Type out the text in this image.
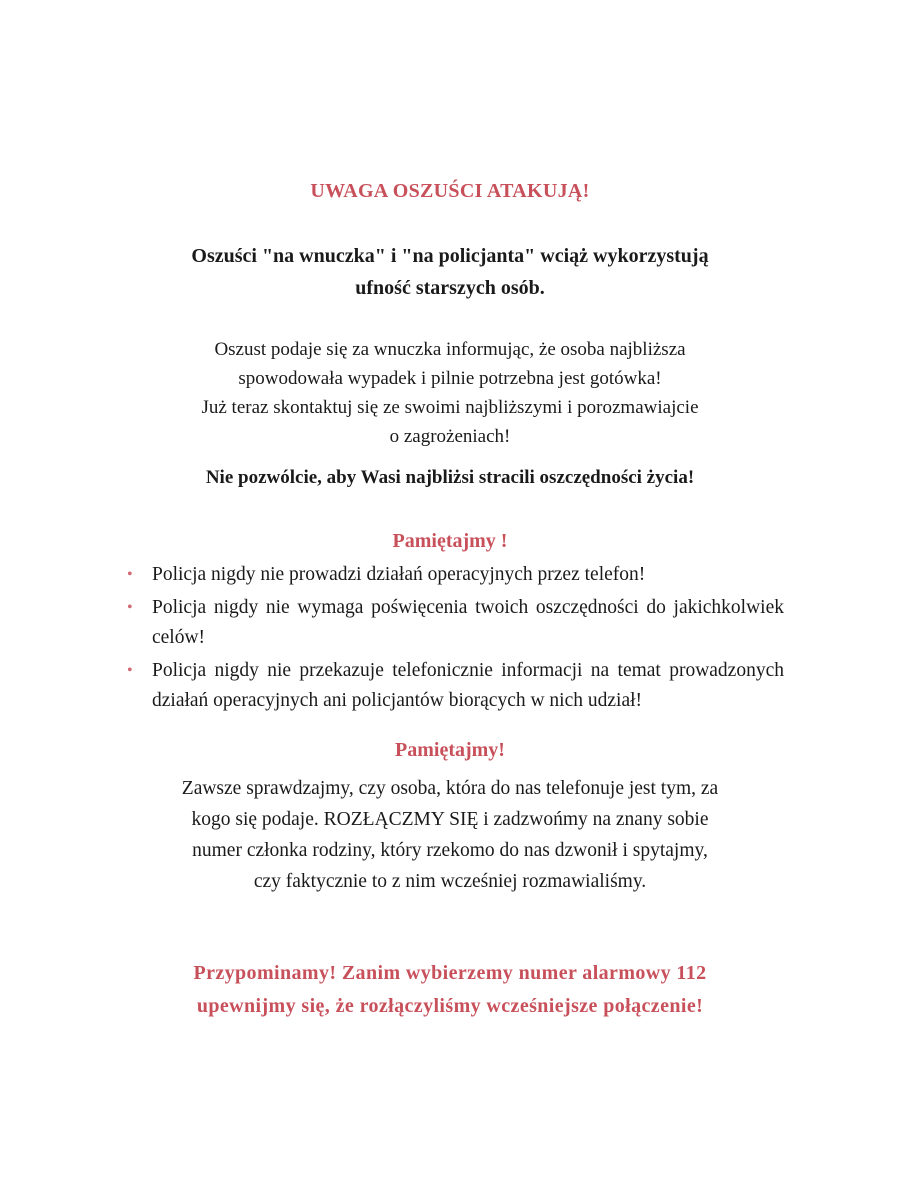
UWAGA OSZUŚCI ATAKUJĄ!
Oszuści "na wnuczka" i "na policjanta" wciąż wykorzystują
ufność starszych osób.
Oszust podaje się za wnuczka informując, że osoba najbliższa
spowodowała wypadek i pilnie potrzebna jest gotówka!
Już teraz skontaktuj się ze swoimi najbliższymi i porozmawiajcie
o zagrożeniach!
Nie pozwólcie, aby Wasi najbliżsi stracili oszczędności życia!
Pamiętajmy !
• Policja nigdy nie prowadzi działań operacyjnych przez telefon!
• Policja nigdy nie wymaga poświęcenia twoich oszczędności do jakichkolwiek celów!
• Policja nigdy nie przekazuje telefonicznie informacji na temat prowadzonych działań operacyjnych ani policjantów biorących w nich udział!
Pamiętajmy!
Zawsze sprawdzajmy, czy osoba, która do nas telefonuje jest tym, za
kogo się podaje. ROZŁĄCZMY SIĘ i zadzwońmy na znany sobie
numer członka rodziny, który rzekomo do nas dzwonił i spytajmy,
czy faktycznie to z nim wcześniej rozmawialiśmy.
Przypominamy! Zanim wybierzemy numer alarmowy 112
upewnijmy się, że rozłączyliśmy wcześniejsze połączenie!
